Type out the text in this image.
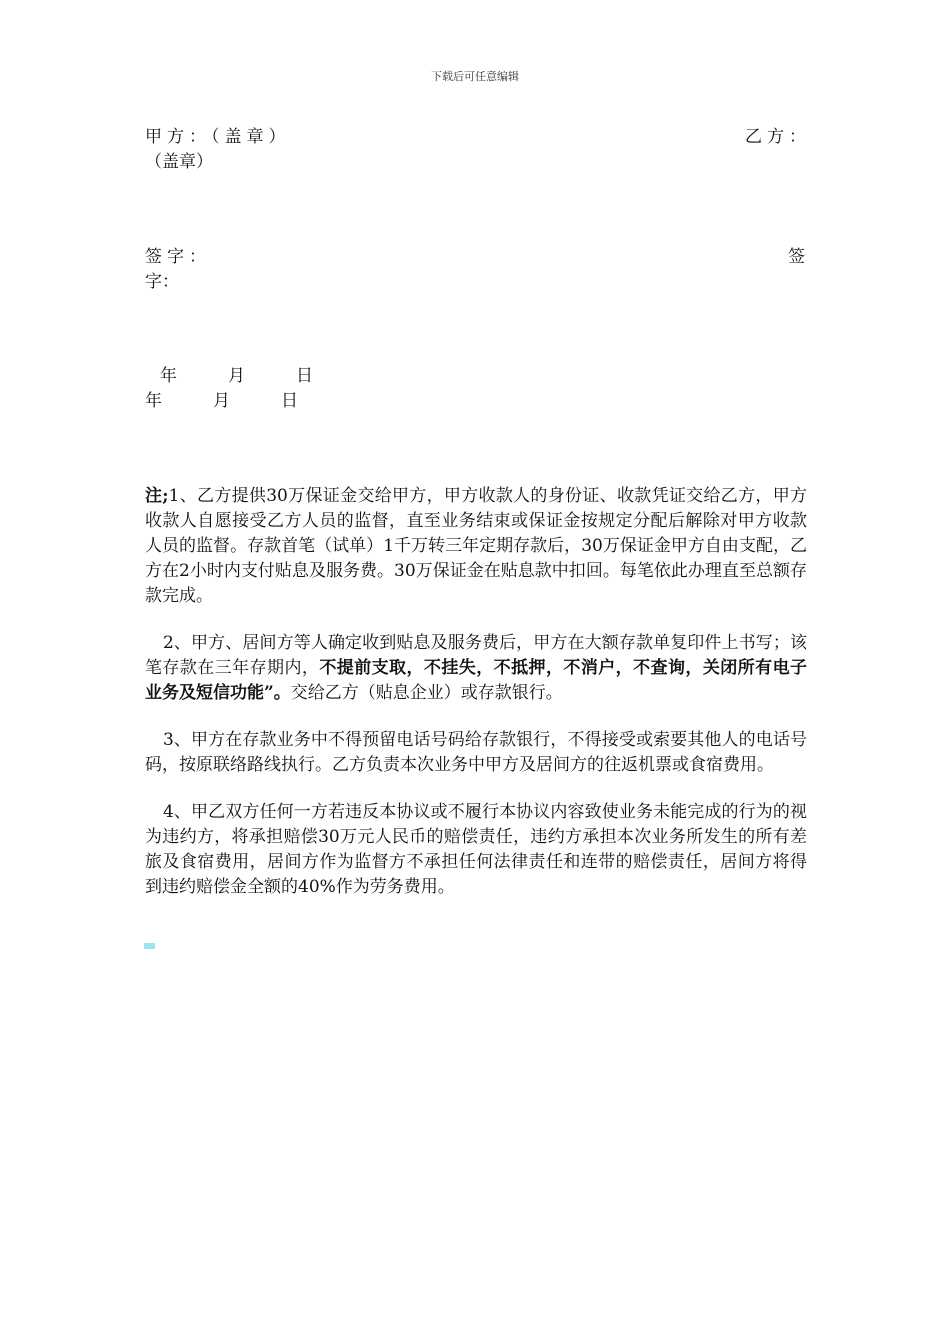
下载后可任意编辑
甲方：（盖章）	乙方：
（盖章）
签字：	签
字：
年　　　月　　　日
年　　　月　　　日

注;1、乙方提供30万保证金交给甲方，甲方收款人的身份证、收款凭证交给乙方，甲方收款人自愿接受乙方人员的监督，直至业务结束或保证金按规定分配后解除对甲方收款人员的监督。存款首笔（试单）1千万转三年定期存款后，30万保证金甲方自由支配，乙方在2小时内支付贴息及服务费。30万保证金在贴息款中扣回。每笔依此办理直至总额存款完成。

2、甲方、居间方等人确定收到贴息及服务费后，甲方在大额存款单复印件上书写；该笔存款在三年存期内，不提前支取，不挂失，不抵押，不消户，不查询，关闭所有电子业务及短信功能”。交给乙方（贴息企业）或存款银行。

3、甲方在存款业务中不得预留电话号码给存款银行，不得接受或索要其他人的电话号码，按原联络路线执行。乙方负责本次业务中甲方及居间方的往返机票或食宿费用。

4、甲乙双方任何一方若违反本协议或不履行本协议内容致使业务未能完成的行为的视为违约方，将承担赔偿30万元人民币的赔偿责任，违约方承担本次业务所发生的所有差旅及食宿费用，居间方作为监督方不承担任何法律责任和连带的赔偿责任，居间方将得到违约赔偿金全额的40%作为劳务费用。
